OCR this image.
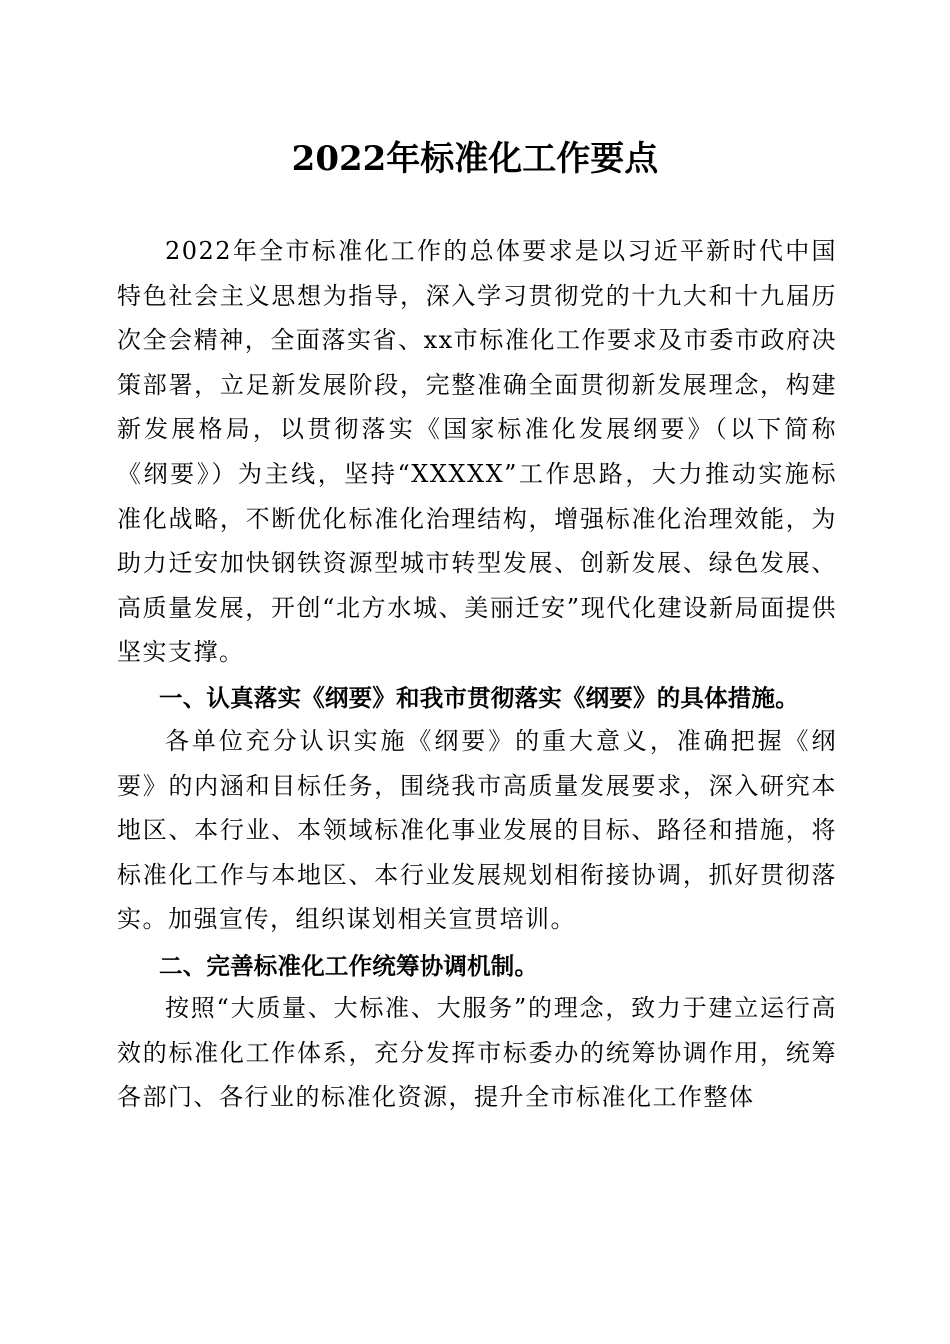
2022年标准化工作要点

2022年全市标准化工作的总体要求是以习近平新时代中国特色社会主义思想为指导，深入学习贯彻党的十九大和十九届历次全会精神，全面落实省、xx市标准化工作要求及市委市政府决策部署，立足新发展阶段，完整准确全面贯彻新发展理念，构建新发展格局，以贯彻落实《国家标准化发展纲要》（以下简称《纲要》）为主线，坚持“XXXXX”工作思路，大力推动实施标准化战略，不断优化标准化治理结构，增强标准化治理效能，为助力迁安加快钢铁资源型城市转型发展、创新发展、绿色发展、高质量发展，开创“北方水城、美丽迁安”现代化建设新局面提供坚实支撑。

一、认真落实《纲要》和我市贯彻落实《纲要》的具体措施。

各单位充分认识实施《纲要》的重大意义，准确把握《纲要》的内涵和目标任务，围绕我市高质量发展要求，深入研究本地区、本行业、本领域标准化事业发展的目标、路径和措施，将标准化工作与本地区、本行业发展规划相衔接协调，抓好贯彻落实。加强宣传，组织谋划相关宣贯培训。

二、完善标准化工作统筹协调机制。

按照“大质量、大标准、大服务”的理念，致力于建立运行高效的标准化工作体系，充分发挥市标委办的统筹协调作用，统筹各部门、各行业的标准化资源，提升全市标准化工作整体
